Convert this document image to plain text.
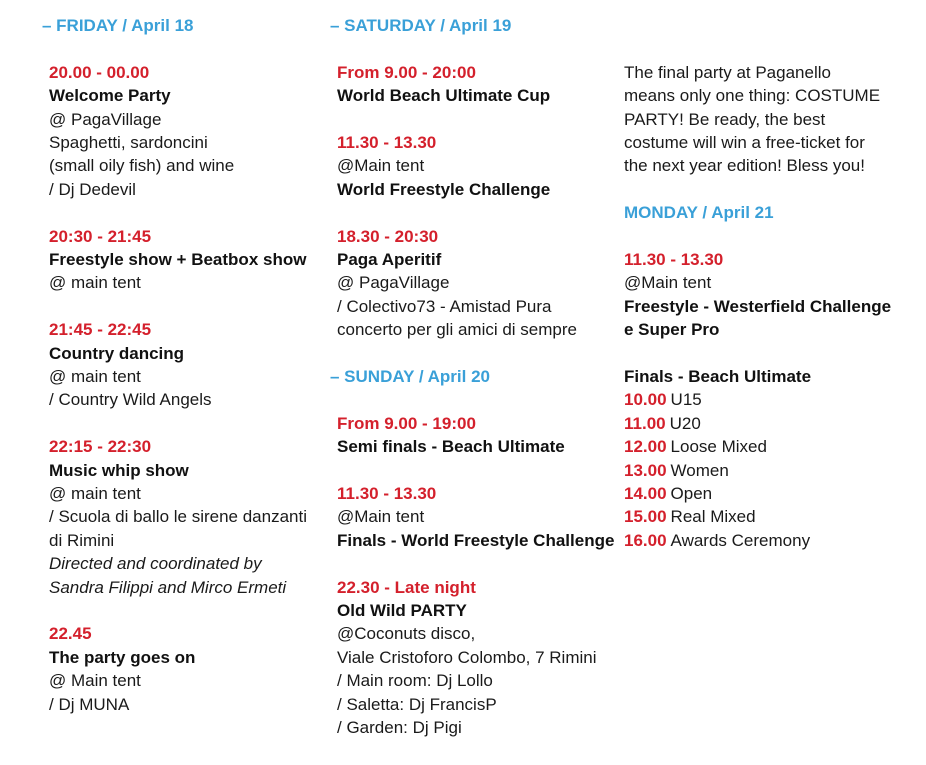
– FRIDAY / April 18
20.00 - 00.00
Welcome Party
@ PagaVillage
Spaghetti, sardoncini
(small oily fish) and wine
/ Dj Dedevil
20:30 - 21:45
Freestyle show + Beatbox show
@ main tent
21:45 - 22:45
Country dancing
@ main tent
/ Country Wild Angels
22:15 - 22:30
Music whip show
@ main tent
/ Scuola di ballo le sirene danzanti
di Rimini
Directed and coordinated by
Sandra Filippi and Mirco Ermeti
22.45
The party goes on
@ Main tent
/ Dj MUNA
– SATURDAY / April 19
From 9.00 - 20:00
World Beach Ultimate Cup
11.30 - 13.30
@Main tent
World Freestyle Challenge
18.30 - 20:30
Paga Aperitif
@ PagaVillage
/ Colectivo73 - Amistad Pura
concerto per gli amici di sempre
– SUNDAY / April 20
From 9.00 - 19:00
Semi finals - Beach Ultimate
11.30 - 13.30
@Main tent
Finals - World Freestyle Challenge
22.30 - Late night
Old Wild PARTY
@Coconuts disco,
Viale Cristoforo Colombo, 7 Rimini
/ Main room: Dj Lollo
/ Saletta: Dj FrancisP
/ Garden: Dj Pigi
The final party at Paganello
means only one thing: COSTUME
PARTY! Be ready, the best
costume will win a free-ticket for
the next year edition! Bless you!
MONDAY / April 21
11.30 - 13.30
@Main tent
Freestyle - Westerfield Challenge
e Super Pro
Finals - Beach Ultimate
10.00 U15
11.00 U20
12.00 Loose Mixed
13.00 Women
14.00 Open
15.00 Real Mixed
16.00 Awards Ceremony
